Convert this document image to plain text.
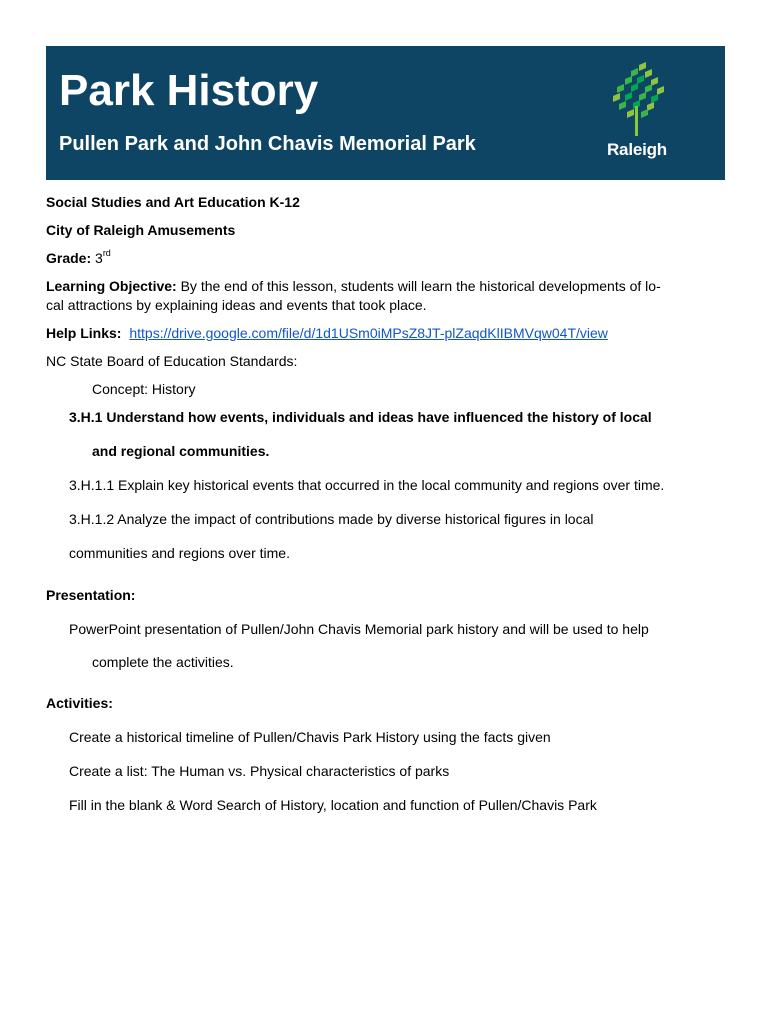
Park History
Pullen Park and John Chavis Memorial Park	Raleigh
Social Studies and Art Education K-12
City of Raleigh Amusements
Grade: 3rd
Learning Objective: By the end of this lesson, students will learn the historical developments of lo-
cal attractions by explaining ideas and events that took place.
Help Links: https://drive.google.com/file/d/1d1USm0iMPsZ8JT-plZaqdKlIBMVqw04T/view
NC State Board of Education Standards:
Concept: History
3.H.1 Understand how events, individuals and ideas have influenced the history of local
and regional communities.
3.H.1.1 Explain key historical events that occurred in the local community and regions over time.
3.H.1.2 Analyze the impact of contributions made by diverse historical figures in local
communities and regions over time.
Presentation:
PowerPoint presentation of Pullen/John Chavis Memorial park history and will be used to help
complete the activities.
Activities:
Create a historical timeline of Pullen/Chavis Park History using the facts given
Create a list: The Human vs. Physical characteristics of parks
Fill in the blank & Word Search of History, location and function of Pullen/Chavis Park
